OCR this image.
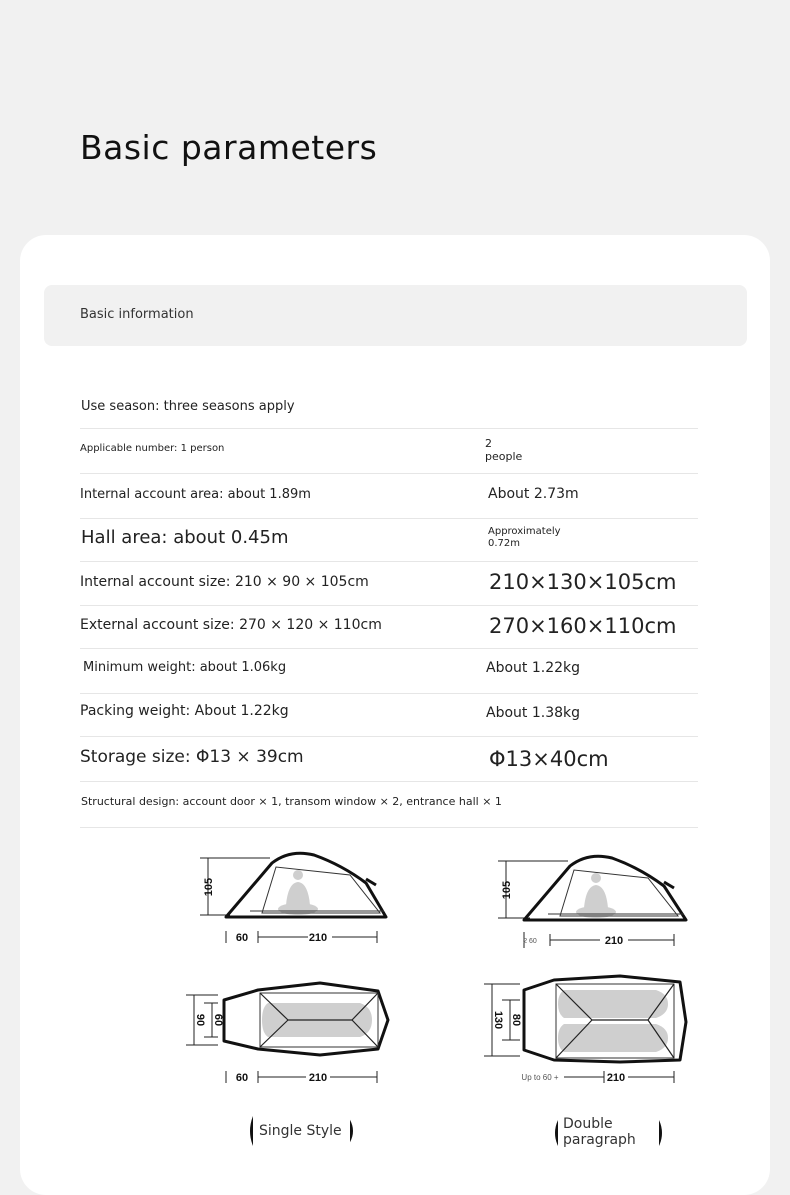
Basic parameters
Basic information
Use season: three seasons apply
Applicable number: 1 person	2
people
Internal account area: about 1.89m	About 2.73m
Hall area: about 0.45m	Approximately
0.72m
Internal account size: 210 × 90 × 105cm	210×130×105cm
External account size: 270 × 120 × 110cm	270×160×110cm
Minimum weight: about 1.06kg	About 1.22kg
Packing weight: About 1.22kg	About 1.38kg
Storage size: Φ13 × 39cm	Φ13×40cm
Structural design: account door × 1, transom window × 2, entrance hall × 1
105
60	210
90 60
60	210
105
2 60	210
130 80
Up to 60 +	210
Single Style	Double
paragraph
